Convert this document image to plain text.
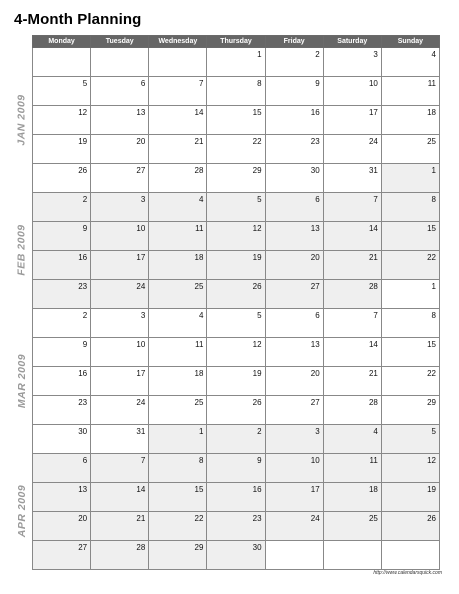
4-Month Planning
JAN 2009
FEB 2009
MAR 2009
APR 2009
Monday	Tuesday	Wednesday	Thursday	Friday	Saturday	Sunday

			1	2	3	4

5	6	7	8	9	10	11

12	13	14	15	16	17	18

19	20	21	22	23	24	25

26	27	28	29	30	31	1

2	3	4	5	6	7	8

9	10	11	12	13	14	15

16	17	18	19	20	21	22

23	24	25	26	27	28	1

2	3	4	5	6	7	8

9	10	11	12	13	14	15

16	17	18	19	20	21	22

23	24	25	26	27	28	29

30	31	1	2	3	4	5

6	7	8	9	10	11	12

13	14	15	16	17	18	19

20	21	22	23	24	25	26

27	28	29	30			

http://www.calendarsquick.com
